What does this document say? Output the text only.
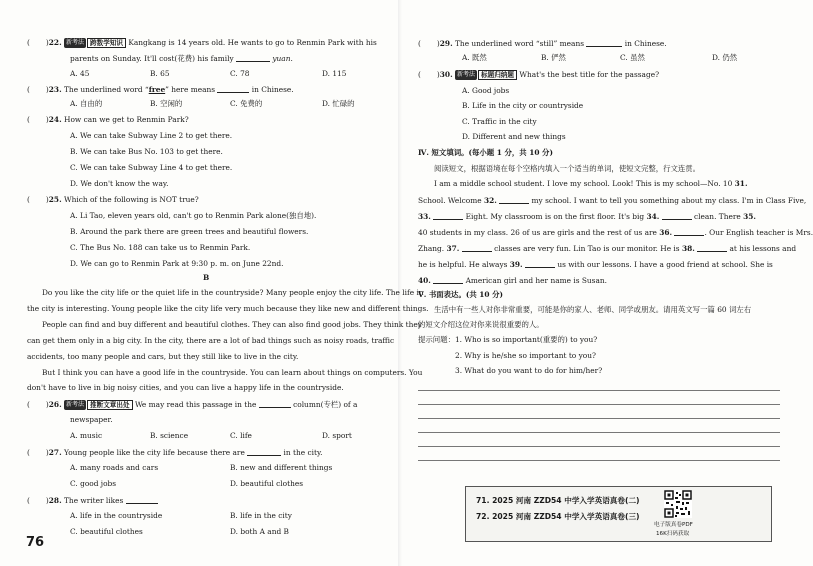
( )22. 新考法 跨数学知识 Kangkang is 14 years old. He wants to go to Renmin Park with his
parents on Sunday. It'll cost(花费) his family	yuan.
A. 45	B. 65	C. 78	D. 115
( )23. The underlined word “free” here means	in Chinese.
A. 自由的	B. 空闲的	C. 免费的	D. 忙碌的
( )24. How can we get to Renmin Park?
A. We can take Subway Line 2 to get there.
B. We can take Bus No. 103 to get there.
C. We can take Subway Line 4 to get there.
D. We don't know the way.
( )25. Which of the following is NOT true?
A. Li Tao, eleven years old, can't go to Renmin Park alone(独自地).
B. Around the park there are green trees and beautiful flowers.
C. The Bus No. 188 can take us to Renmin Park.
D. We can go to Renmin Park at 9:30 p. m. on June 22nd.
B
Do you like the city life or the quiet life in the countryside? Many people enjoy the city life. The life in
the city is interesting. Young people like the city life very much because they like new and different things.
People can find and buy different and beautiful clothes. They can also find good jobs. They think they
can get them only in a big city. In the city, there are a lot of bad things such as noisy roads, traffic
accidents, too many people and cars, but they still like to live in the city.
But I think you can have a good life in the countryside. You can learn about things on computers. You
don't have to live in big noisy cities, and you can live a happy life in the countryside.
( )26. 新考法 推断文章出处 We may read this passage in the	column(专栏) of a
newspaper.
A. music	B. science	C. life	D. sport
( )27. Young people like the city life because there are	in the city.
A. many roads and cars	B. new and different things
C. good jobs	D. beautiful clothes
( )28. The writer likes
A. life in the countryside	B. life in the city
C. beautiful clothes	D. both A and B
76
( )29. The underlined word “still” means	in Chinese.
A. 既然	B. 俨然	C. 虽然	D. 仍然
( )30. 新考法 标题归纳题 What's the best title for the passage?
A. Good jobs
B. Life in the city or countryside
C. Traffic in the city
D. Different and new things
Ⅳ. 短文填词。(每小题 1 分，共 10 分)
阅读短文，根据语境在每个空格内填入一个适当的单词，使短文完整，行文连贯。
I am a middle school student. I love my school. Look! This is my school—No. 10 31.
School. Welcome 32.	my school. I want to tell you something about my class. I'm in Class Five,
33.	Eight. My classroom is on the first floor. It's big 34.	clean. There 35.
40 students in my class. 26 of us are girls and the rest of us are 36.	. Our English teacher is Mrs.
Zhang. 37.	classes are very fun. Lin Tao is our monitor. He is 38.	at his lessons and
he is helpful. He always 39.	us with our lessons. I have a good friend at school. She is
40.	American girl and her name is Susan.
Ⅴ. 书面表达。(共 10 分)
生活中有一些人对你非常重要，可能是你的家人、老师、同学或朋友。请用英文写一篇 60 词左右
的短文介绍这位对你来说很重要的人。
提示问题：1. Who is so important(重要的) to you?
2. Why is he/she so important to you?
3. What do you want to do for him/her?
71. 2025 河南 ZZD54 中学入学英语真卷(二)
72. 2025 河南 ZZD54 中学入学英语真卷(三)
电子版真卷PDF
16K扫码获取
